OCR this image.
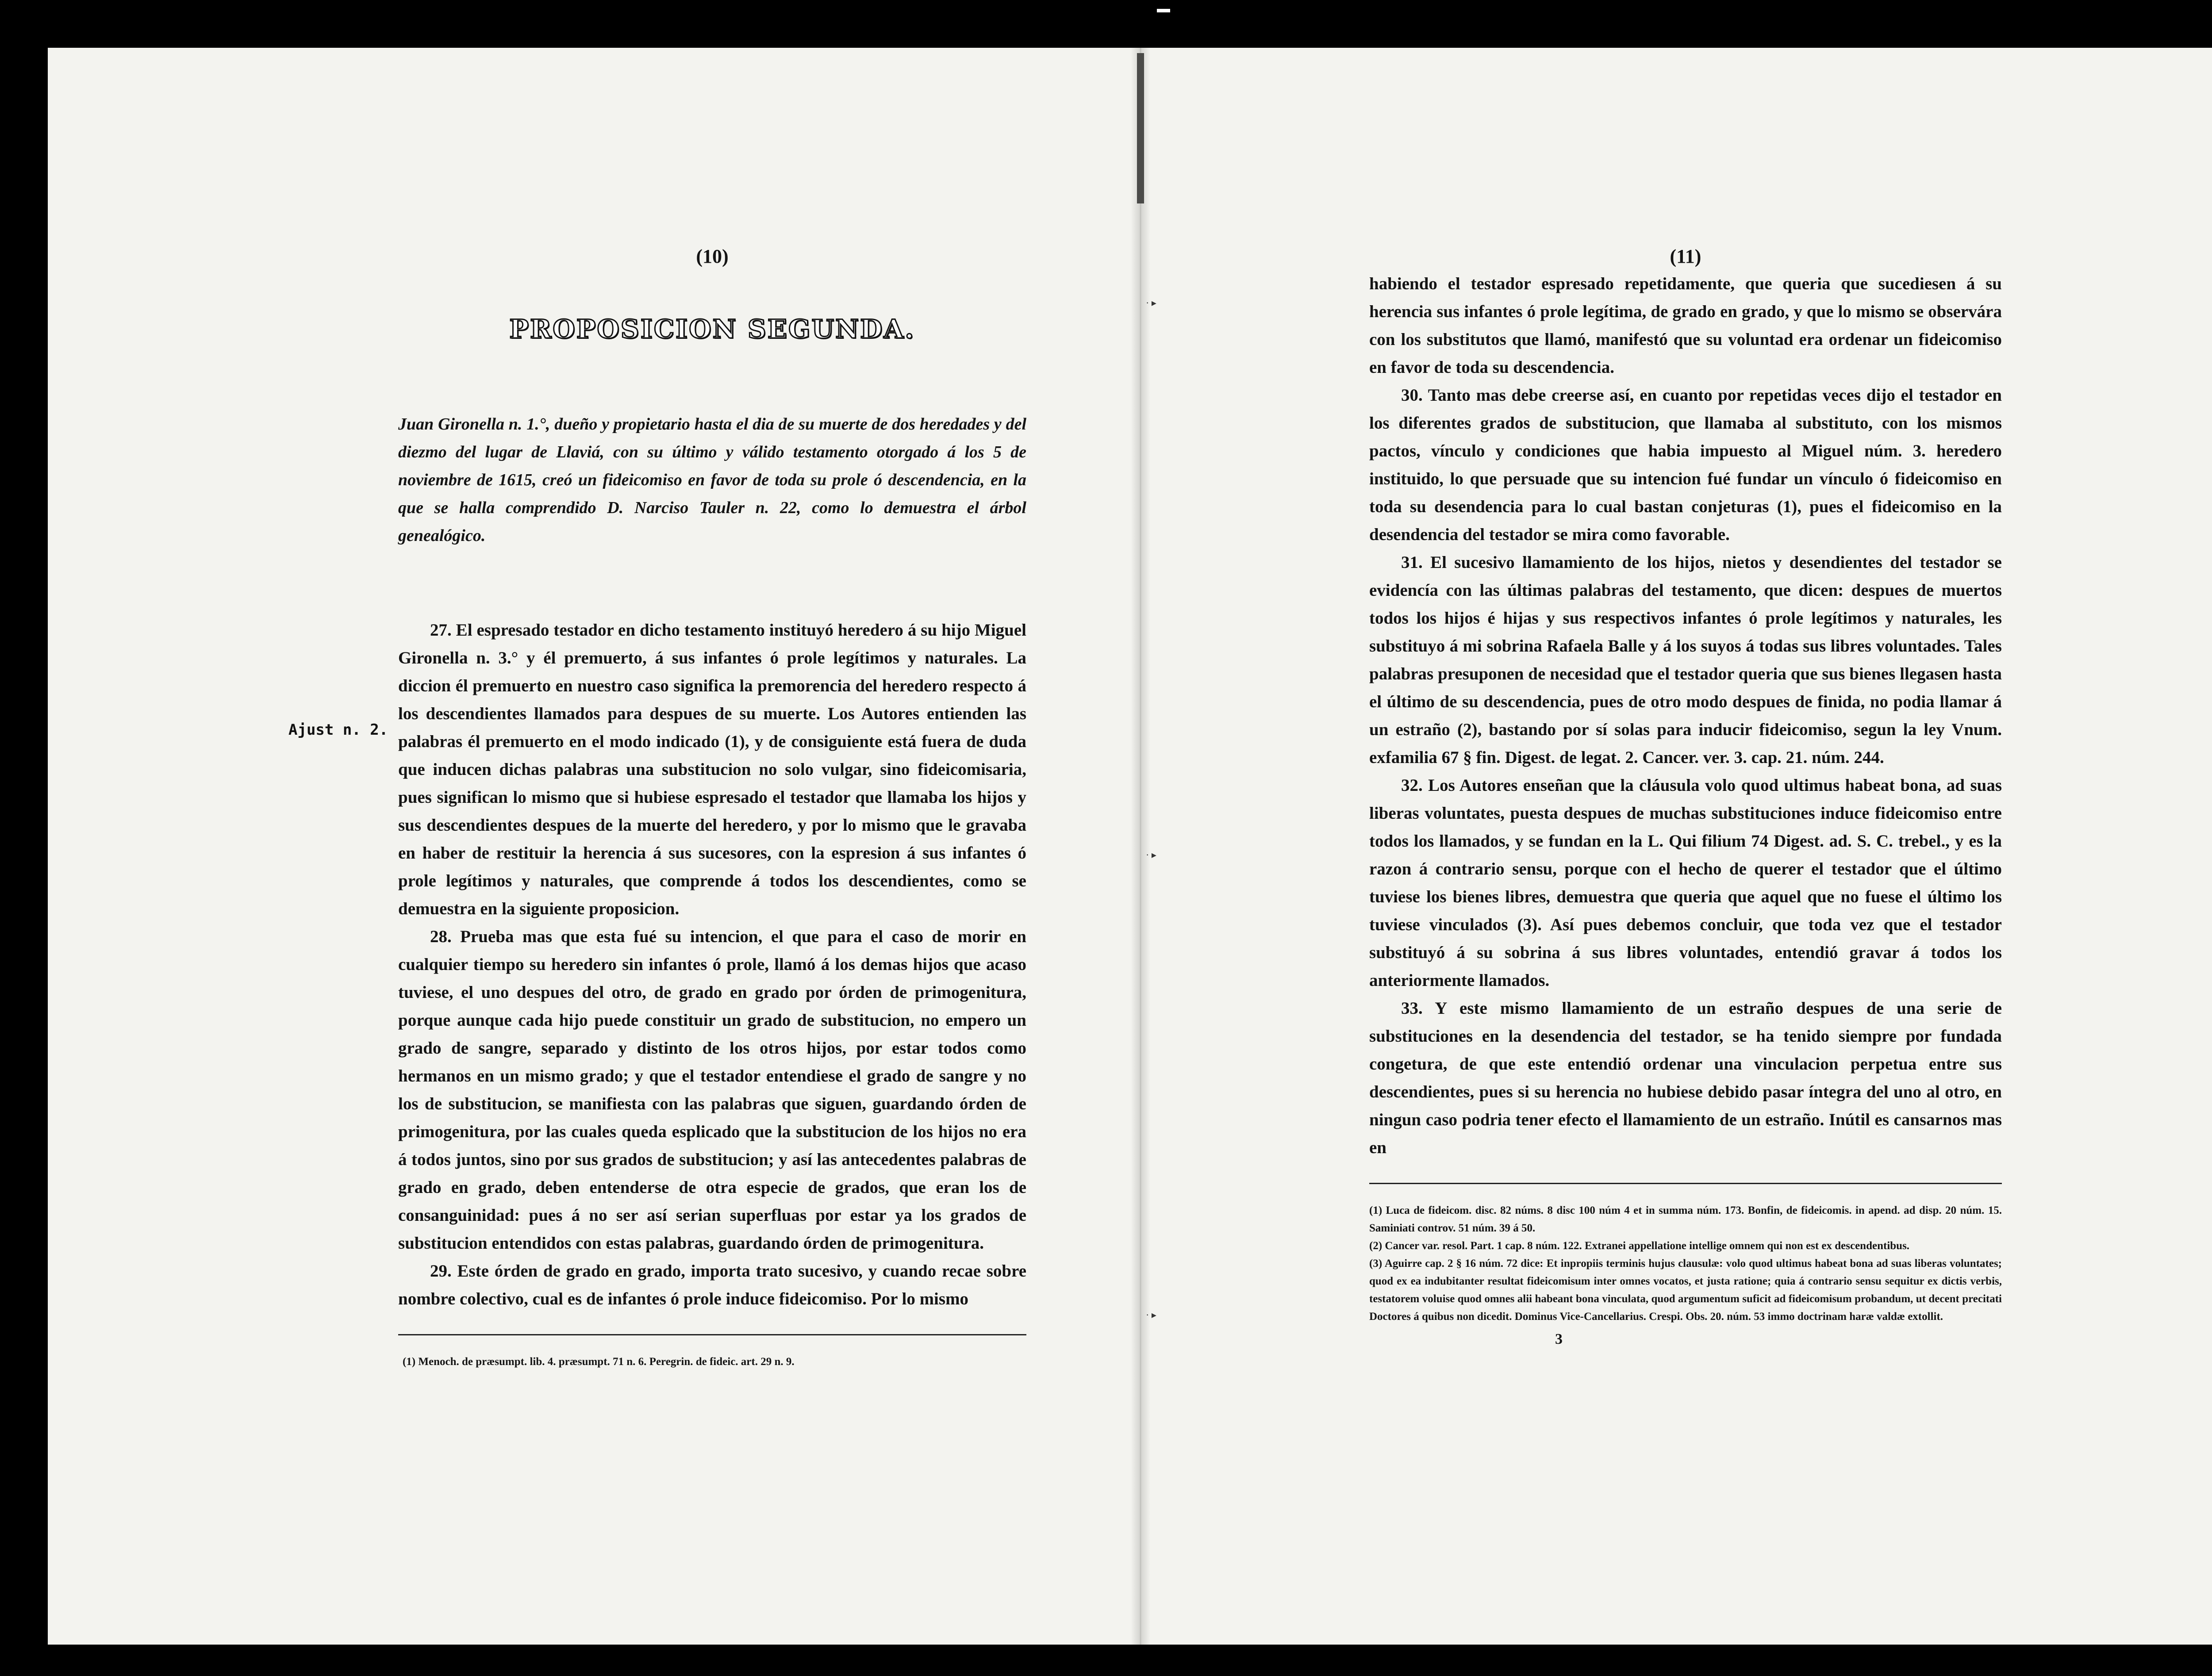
· ▸
· ▸
· ▸
Ajust n. 2.
(10)
PROPOSICION SEGUNDA.
Juan Gironella n. 1.°, dueño y propietario hasta el dia de su muerte de dos heredades y del diezmo del lugar de Llaviá, con su último y válido testamento otorgado á los 5 de noviembre de 1615, creó un fideicomiso en favor de toda su prole ó descendencia, en la que se halla comprendido D. Narciso Tauler n. 22, como lo demuestra el árbol genealógico.

27. El espresado testador en dicho testamento instituyó heredero á su hijo Miguel Gironella n. 3.° y él premuerto, á sus infantes ó prole legítimos y naturales. La diccion él premuerto en nuestro caso significa la premorencia del heredero respecto á los descendientes llamados para despues de su muerte. Los Autores entienden las palabras él premuerto en el modo indicado (1), y de consiguiente está fuera de duda que inducen dichas palabras una substitucion no solo vulgar, sino fideicomisaria, pues significan lo mismo que si hubiese espresado el testador que llamaba los hijos y sus descendientes despues de la muerte del heredero, y por lo mismo que le gravaba en haber de restituir la herencia á sus sucesores, con la espresion á sus infantes ó prole legítimos y naturales, que comprende á todos los descendientes, como se demuestra en la siguiente proposicion.

28. Prueba mas que esta fué su intencion, el que para el caso de morir en cualquier tiempo su heredero sin infantes ó prole, llamó á los demas hijos que acaso tuviese, el uno despues del otro, de grado en grado por órden de primogenitura, porque aunque cada hijo puede constituir un grado de substitucion, no empero un grado de sangre, separado y distinto de los otros hijos, por estar todos como hermanos en un mismo grado; y que el testador entendiese el grado de sangre y no los de substitucion, se manifiesta con las palabras que siguen, guardando órden de primogenitura, por las cuales queda esplicado que la substitucion de los hijos no era á todos juntos, sino por sus grados de substitucion; y así las antecedentes palabras de grado en grado, deben entenderse de otra especie de grados, que eran los de consanguinidad: pues á no ser así serian superfluas por estar ya los grados de substitucion entendidos con estas palabras, guardando órden de primogenitura.

29. Este órden de grado en grado, importa trato sucesivo, y cuando recae sobre nombre colectivo, cual es de infantes ó prole induce fideicomiso. Por lo mismo

(1) Menoch. de præsumpt. lib. 4. præsumpt. 71 n. 6. Peregrin. de fideic. art. 29 n. 9.

(11)

habiendo el testador espresado repetidamente, que queria que sucediesen á su herencia sus infantes ó prole legítima, de grado en grado, y que lo mismo se observára con los substitutos que llamó, manifestó que su voluntad era ordenar un fideicomiso en favor de toda su descendencia.

30. Tanto mas debe creerse así, en cuanto por repetidas veces dijo el testador en los diferentes grados de substitucion, que llamaba al substituto, con los mismos pactos, vínculo y condiciones que habia impuesto al Miguel núm. 3. heredero instituido, lo que persuade que su intencion fué fundar un vínculo ó fideicomiso en toda su desendencia para lo cual bastan conjeturas (1), pues el fideicomiso en la desendencia del testador se mira como favorable.

31. El sucesivo llamamiento de los hijos, nietos y desendientes del testador se evidencía con las últimas palabras del testamento, que dicen: despues de muertos todos los hijos é hijas y sus respectivos infantes ó prole legítimos y naturales, les substituyo á mi sobrina Rafaela Balle y á los suyos á todas sus libres voluntades. Tales palabras presuponen de necesidad que el testador queria que sus bienes llegasen hasta el último de su descendencia, pues de otro modo despues de finida, no podia llamar á un estraño (2), bastando por sí solas para inducir fideicomiso, segun la ley Vnum. exfamilia 67 § fin. Digest. de legat. 2. Cancer. ver. 3. cap. 21. núm. 244.

32. Los Autores enseñan que la cláusula volo quod ultimus habeat bona, ad suas liberas voluntates, puesta despues de muchas substituciones induce fideicomiso entre todos los llamados, y se fundan en la L. Qui filium 74 Digest. ad. S. C. trebel., y es la razon á contrario sensu, porque con el hecho de querer el testador que el último tuviese los bienes libres, demuestra que queria que aquel que no fuese el último los tuviese vinculados (3). Así pues debemos concluir, que toda vez que el testador substituyó á su sobrina á sus libres voluntades, entendió gravar á todos los anteriormente llamados.

33. Y este mismo llamamiento de un estraño despues de una serie de substituciones en la desendencia del testador, se ha tenido siempre por fundada congetura, de que este entendió ordenar una vinculacion perpetua entre sus descendientes, pues si su herencia no hubiese debido pasar íntegra del uno al otro, en ningun caso podria tener efecto el llamamiento de un estraño. Inútil es cansarnos mas en

(1) Luca de fideicom. disc. 82 núms. 8 disc 100 núm 4 et in summa núm. 173. Bonfin, de fideicomis. in apend. ad disp. 20 núm. 15. Saminiati controv. 51 núm. 39 á 50.

(2) Cancer var. resol. Part. 1 cap. 8 núm. 122. Extranei appellatione intellige omnem qui non est ex descendentibus.

(3) Aguirre cap. 2 § 16 núm. 72 dice: Et inpropiis terminis hujus clausulæ: volo quod ultimus habeat bona ad suas liberas voluntates; quod ex ea indubitanter resultat fideicomisum inter omnes vocatos, et justa ratione; quia á contrario sensu sequitur ex dictis verbis, testatorem voluise quod omnes alii habeant bona vinculata, quod argumentum suficit ad fideicomisum probandum, ut decent precitati Doctores á quibus non dicedit. Dominus Vice-Cancellarius. Crespi. Obs. 20. núm. 53 immo doctrinam haræ valdæ extollit.

3
